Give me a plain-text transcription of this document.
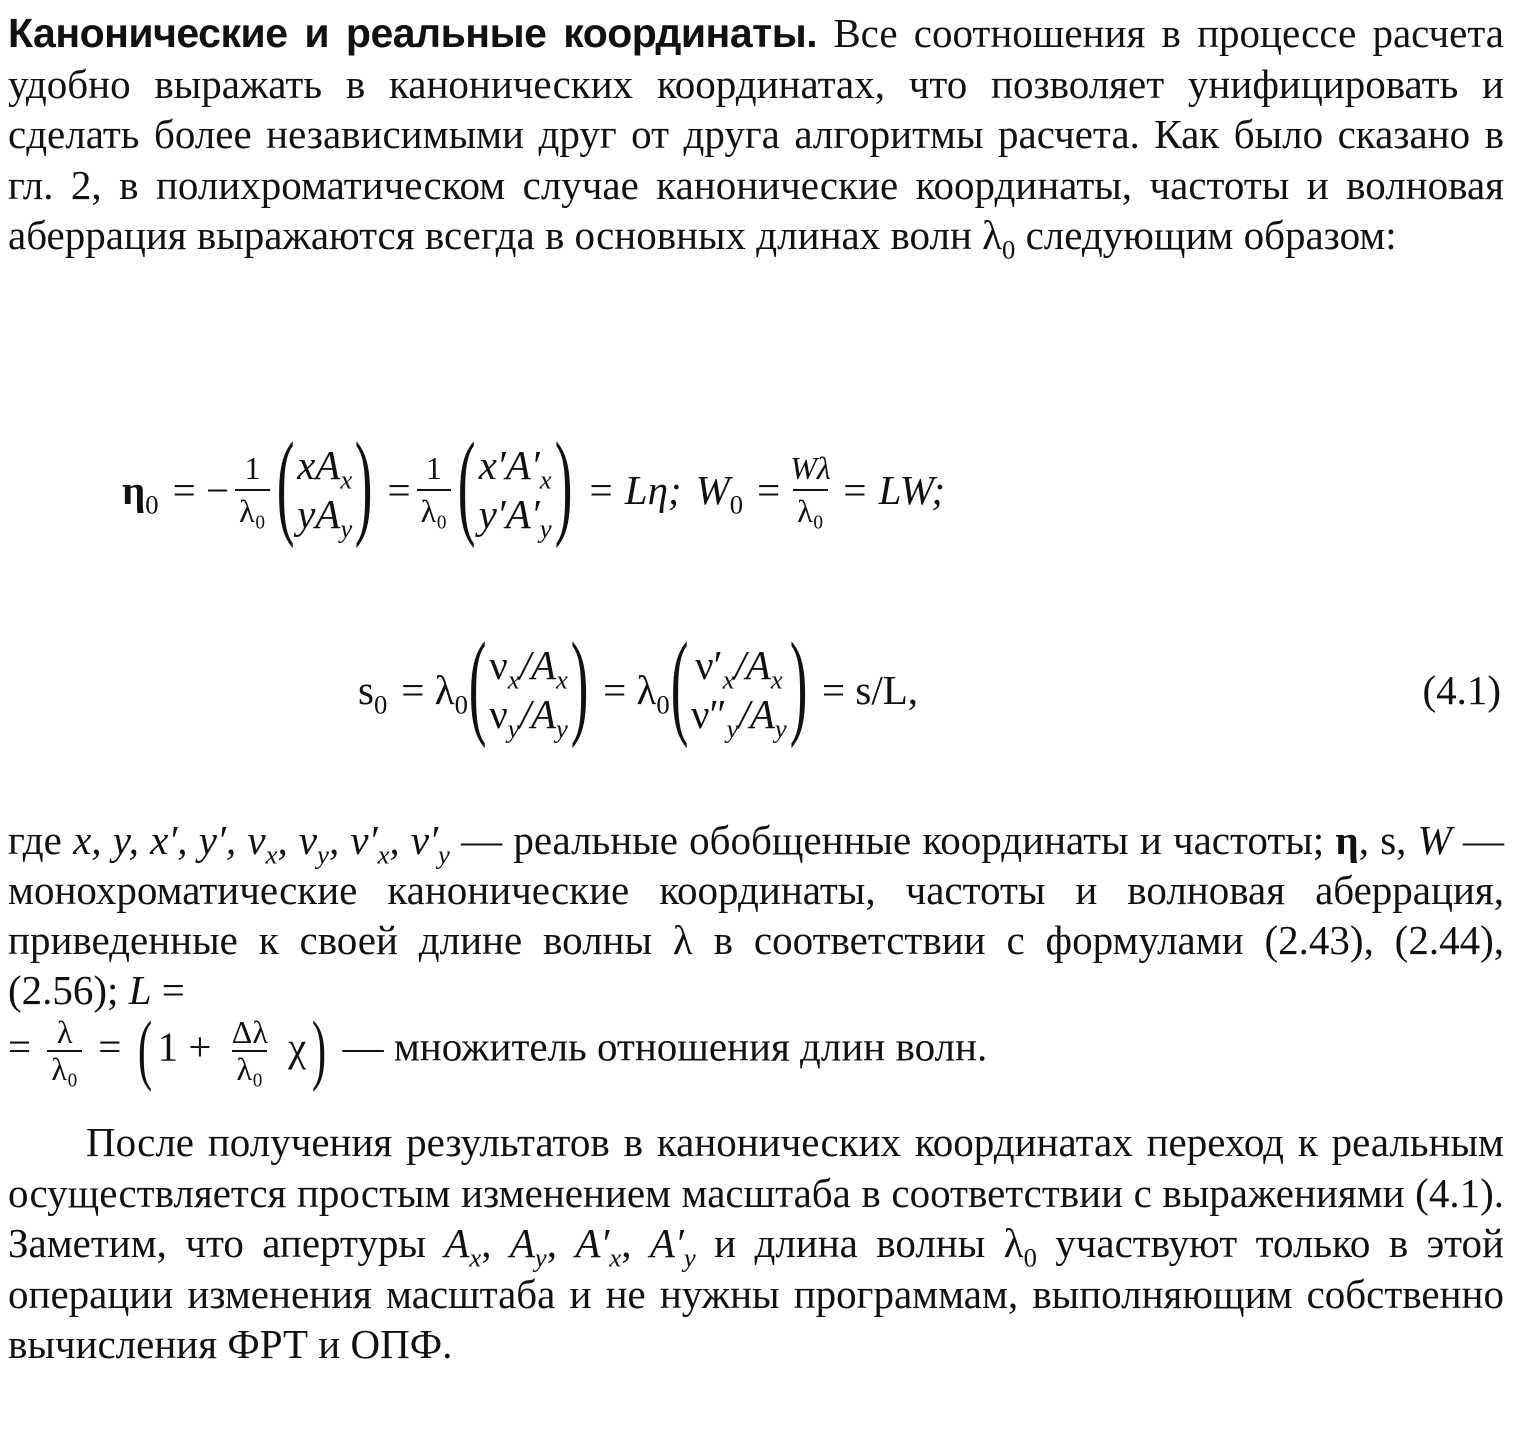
Канонические и реальные координаты. Все соотношения в процессе расчета удобно выражать в канонических координатах, что позволяет унифицировать и сделать более независимыми друг от друга алгоритмы расчета. Как было сказано в гл. 2, в полихроматическом случае канонические координаты, частоты и волновая аберрация выражаются всегда в основных длинах волн $\lambda_0$ следующим образом:

$\eta_0$ = − $\frac{1}{\text{λ₀}}$ ( $xA_x$
$yA_y$ ) = $\frac{1}{\text{λ₀}}$ ( $x'A'_x$
$y'A'_y$ ) = Lη; $W_0 = \frac{W\lambda}{\text{λ₀}}$ = LW;
$s_0 = \lambda_0$ ( $\nu_x/A_x$
$\nu_y/A_y$ ) = $\lambda_0$ ( $\nu'_x/A_x$
$\nu''_y/A_y$ ) = s/L,	(4.1)

где x, y, x′, y′, $\nu_x$, $\nu_y$, $\nu'_x$, $\nu'_y$ — реальные обобщенные координаты и частоты; η, s, W — монохроматические канонические координаты, частоты и волновая аберрация, приведенные к своей длине волны λ в соответствии с формулами (2.43), (2.44), (2.56); L =
= $\frac{\lambda}{\text{λ₀}}$ = ( $1 + \frac{\Delta\lambda}{\text{λ₀}} \chi$) — множитель отношения длин волн.

После получения результатов в канонических координатах переход к реальным осуществляется простым изменением масштаба в соответствии с выражениями (4.1). Заметим, что апертуры $A_x$, $A_y$, $A'_x$, $A'_y$ и длина волны $\lambda_0$ участвуют только в этой операции изменения масштаба и не нужны программам, выполняющим собственно вычисления ФРТ и ОПФ.
